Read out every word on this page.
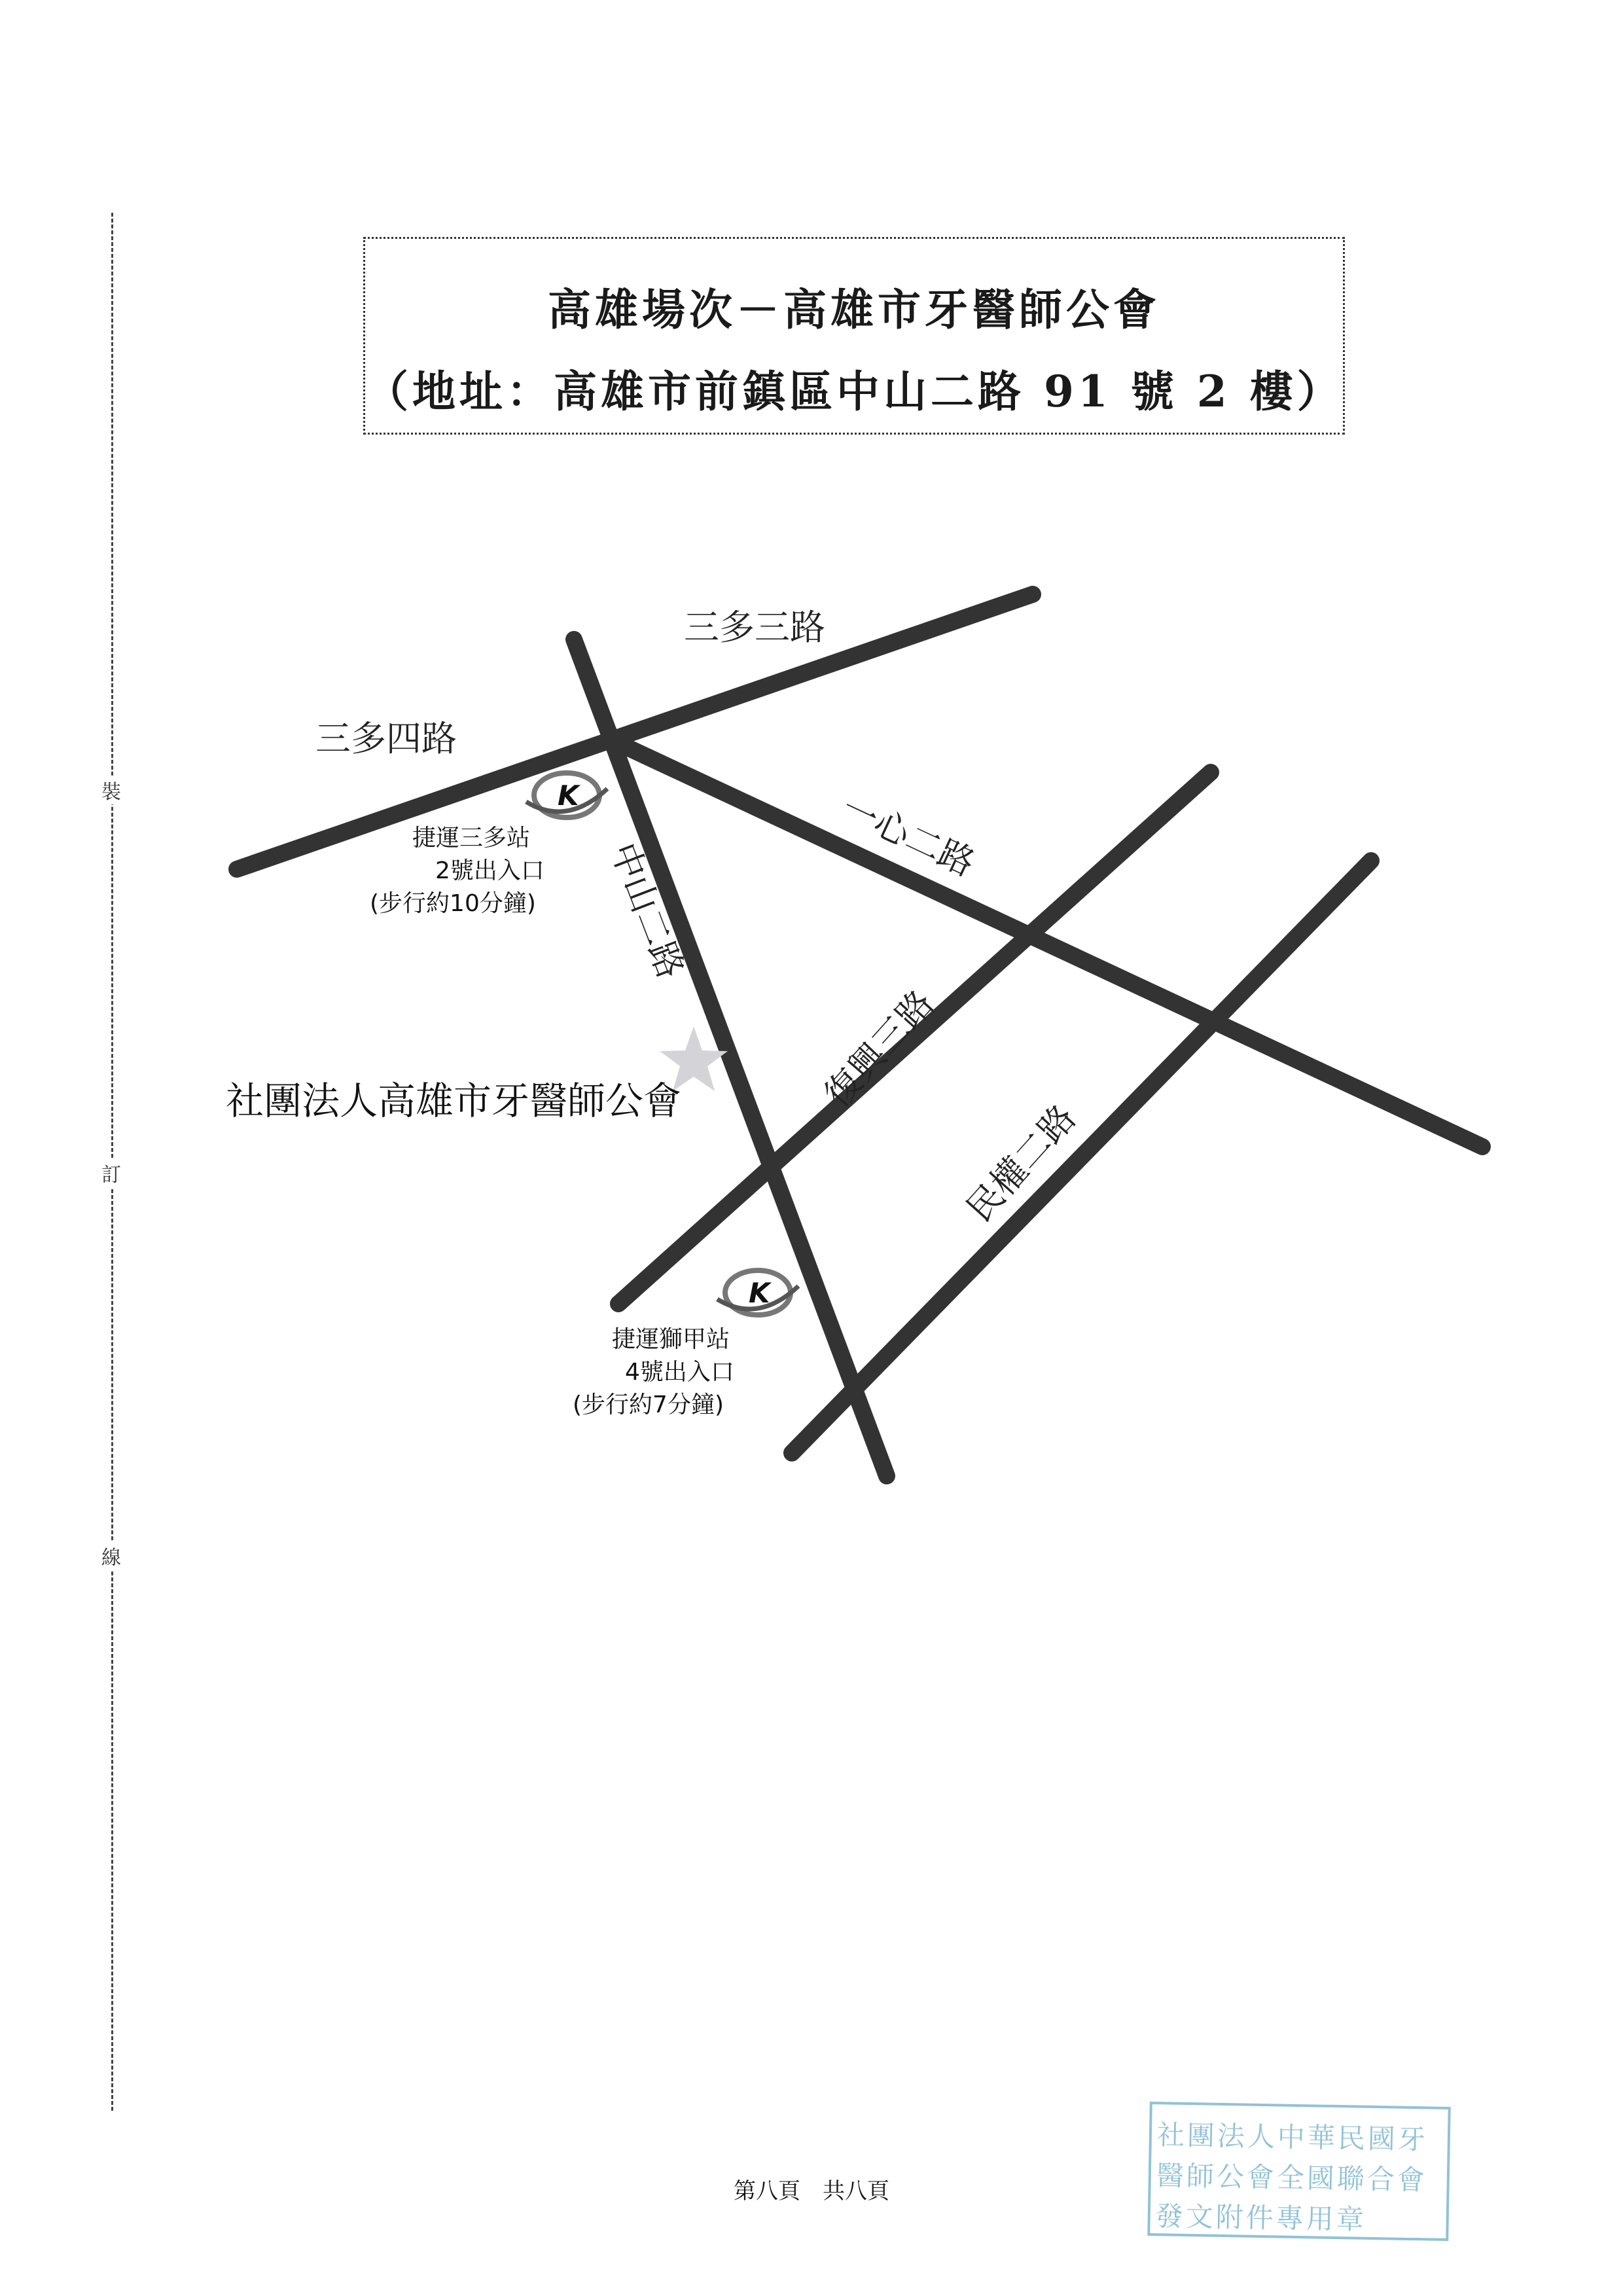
裝
訂
線
高雄場次－高雄市牙醫師公會
（地址：高雄市前鎮區中山二路 91 號 2 樓）
三多三路
三多四路
一心二路
中山二路
復興三路
民權二路
K
捷運三多站
2號出入口
(步行約10分鐘)
K
捷運獅甲站
4號出入口
(步行約7分鐘)
社團法人高雄市牙醫師公會
第八頁　共八頁
社團法人中華民國牙
醫師公會全國聯合會
發文附件專用章
